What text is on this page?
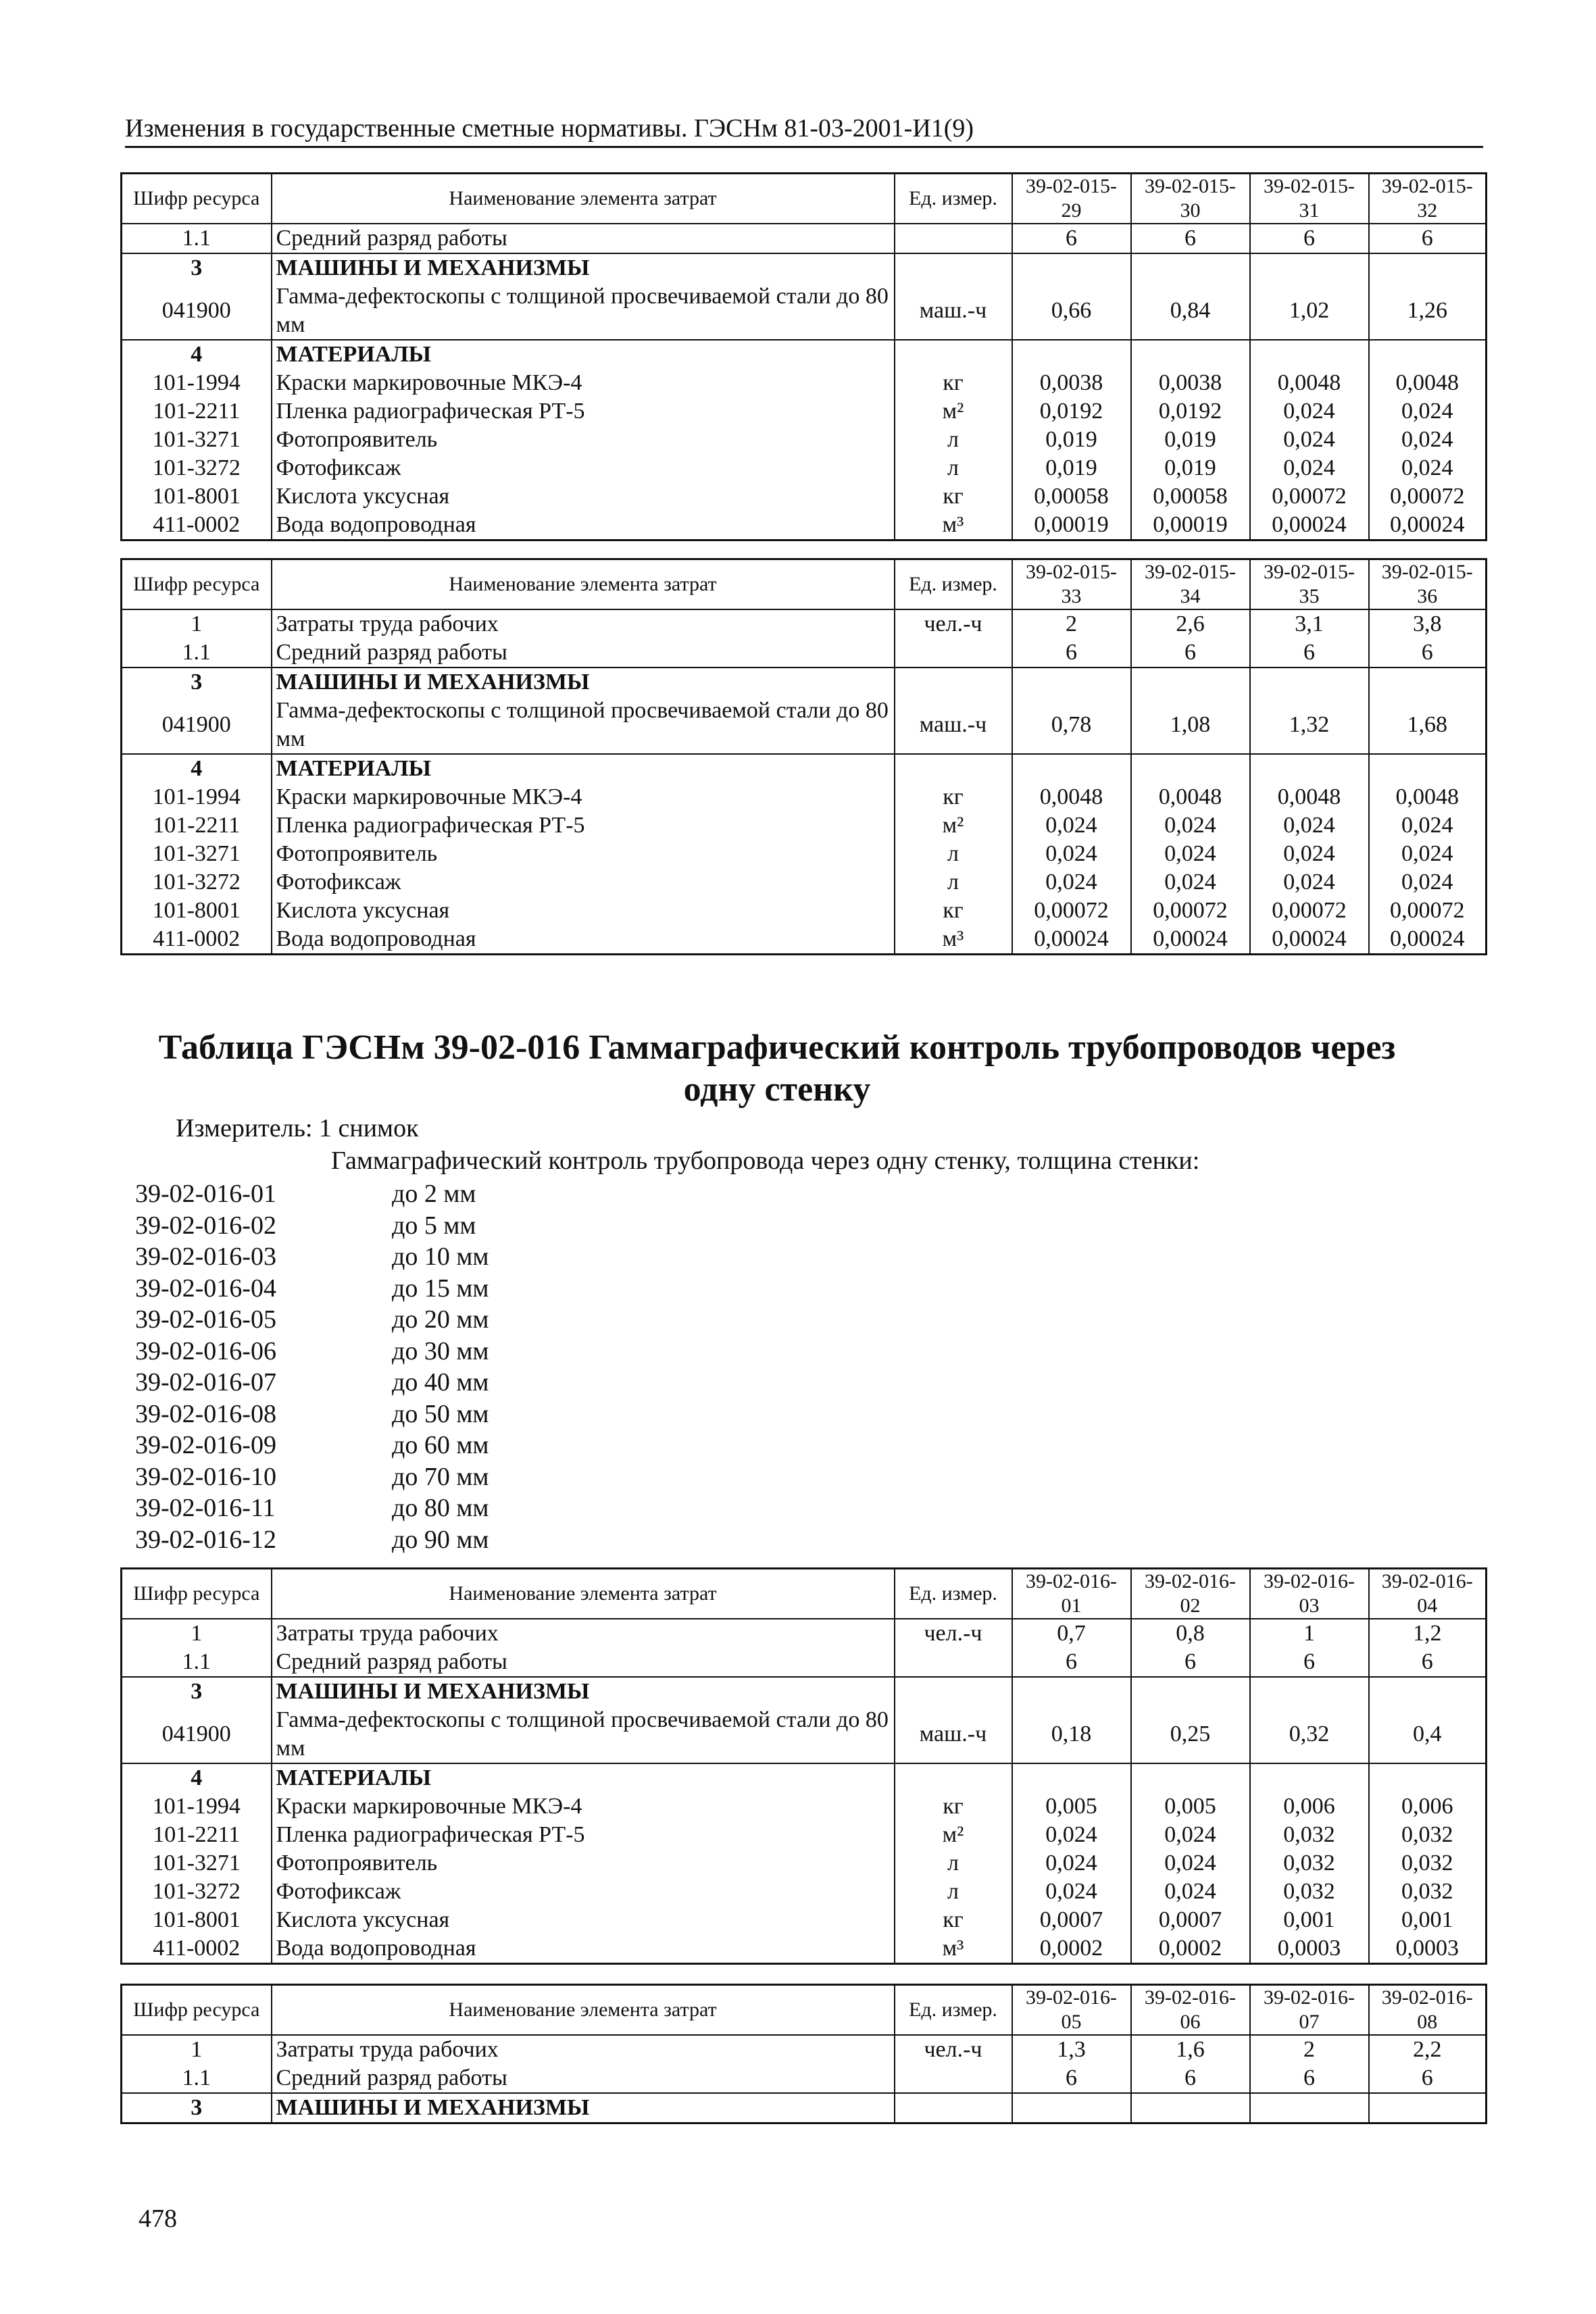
Изменения в государственные сметные нормативы. ГЭСНм 81-03-2001-И1(9)
Шифр ресурса	Наименование элемента затрат	Ед. измер.	39-02-015-29	39-02-015-30	39-02-015-31	39-02-015-32
1.1	Средний разряд работы		6	6	6	6
3	МАШИНЫ И МЕХАНИЗМЫ					
041900	Гамма-дефектоскопы с толщиной просвечиваемой стали до 80 мм	маш.-ч	0,66	0,84	1,02	1,26
4	МАТЕРИАЛЫ					
101-1994	Краски маркировочные МКЭ-4	кг	0,0038	0,0038	0,0048	0,0048
101-2211	Пленка радиографическая РТ-5	м²	0,0192	0,0192	0,024	0,024
101-3271	Фотопроявитель	л	0,019	0,019	0,024	0,024
101-3272	Фотофиксаж	л	0,019	0,019	0,024	0,024
101-8001	Кислота уксусная	кг	0,00058	0,00058	0,00072	0,00072
411-0002	Вода водопроводная	м³	0,00019	0,00019	0,00024	0,00024
Шифр ресурса	Наименование элемента затрат	Ед. измер.	39-02-015-33	39-02-015-34	39-02-015-35	39-02-015-36
1	Затраты труда рабочих	чел.-ч	2	2,6	3,1	3,8
1.1	Средний разряд работы		6	6	6	6
3	МАШИНЫ И МЕХАНИЗМЫ					
041900	Гамма-дефектоскопы с толщиной просвечиваемой стали до 80 мм	маш.-ч	0,78	1,08	1,32	1,68
4	МАТЕРИАЛЫ					
101-1994	Краски маркировочные МКЭ-4	кг	0,0048	0,0048	0,0048	0,0048
101-2211	Пленка радиографическая РТ-5	м²	0,024	0,024	0,024	0,024
101-3271	Фотопроявитель	л	0,024	0,024	0,024	0,024
101-3272	Фотофиксаж	л	0,024	0,024	0,024	0,024
101-8001	Кислота уксусная	кг	0,00072	0,00072	0,00072	0,00072
411-0002	Вода водопроводная	м³	0,00024	0,00024	0,00024	0,00024
Таблица ГЭСНм 39-02-016 Гаммаграфический контроль трубопроводов через одну стенку
Измеритель: 1 снимок
Гаммаграфический контроль трубопровода через одну стенку, толщина стенки:
39-02-016-01	до 2 мм
39-02-016-02	до 5 мм
39-02-016-03	до 10 мм
39-02-016-04	до 15 мм
39-02-016-05	до 20 мм
39-02-016-06	до 30 мм
39-02-016-07	до 40 мм
39-02-016-08	до 50 мм
39-02-016-09	до 60 мм
39-02-016-10	до 70 мм
39-02-016-11	до 80 мм
39-02-016-12	до 90 мм
Шифр ресурса	Наименование элемента затрат	Ед. измер.	39-02-016-01	39-02-016-02	39-02-016-03	39-02-016-04
1	Затраты труда рабочих	чел.-ч	0,7	0,8	1	1,2
1.1	Средний разряд работы		6	6	6	6
3	МАШИНЫ И МЕХАНИЗМЫ					
041900	Гамма-дефектоскопы с толщиной просвечиваемой стали до 80 мм	маш.-ч	0,18	0,25	0,32	0,4
4	МАТЕРИАЛЫ					
101-1994	Краски маркировочные МКЭ-4	кг	0,005	0,005	0,006	0,006
101-2211	Пленка радиографическая РТ-5	м²	0,024	0,024	0,032	0,032
101-3271	Фотопроявитель	л	0,024	0,024	0,032	0,032
101-3272	Фотофиксаж	л	0,024	0,024	0,032	0,032
101-8001	Кислота уксусная	кг	0,0007	0,0007	0,001	0,001
411-0002	Вода водопроводная	м³	0,0002	0,0002	0,0003	0,0003
Шифр ресурса	Наименование элемента затрат	Ед. измер.	39-02-016-05	39-02-016-06	39-02-016-07	39-02-016-08
1	Затраты труда рабочих	чел.-ч	1,3	1,6	2	2,2
1.1	Средний разряд работы		6	6	6	6
3	МАШИНЫ И МЕХАНИЗМЫ					
478
